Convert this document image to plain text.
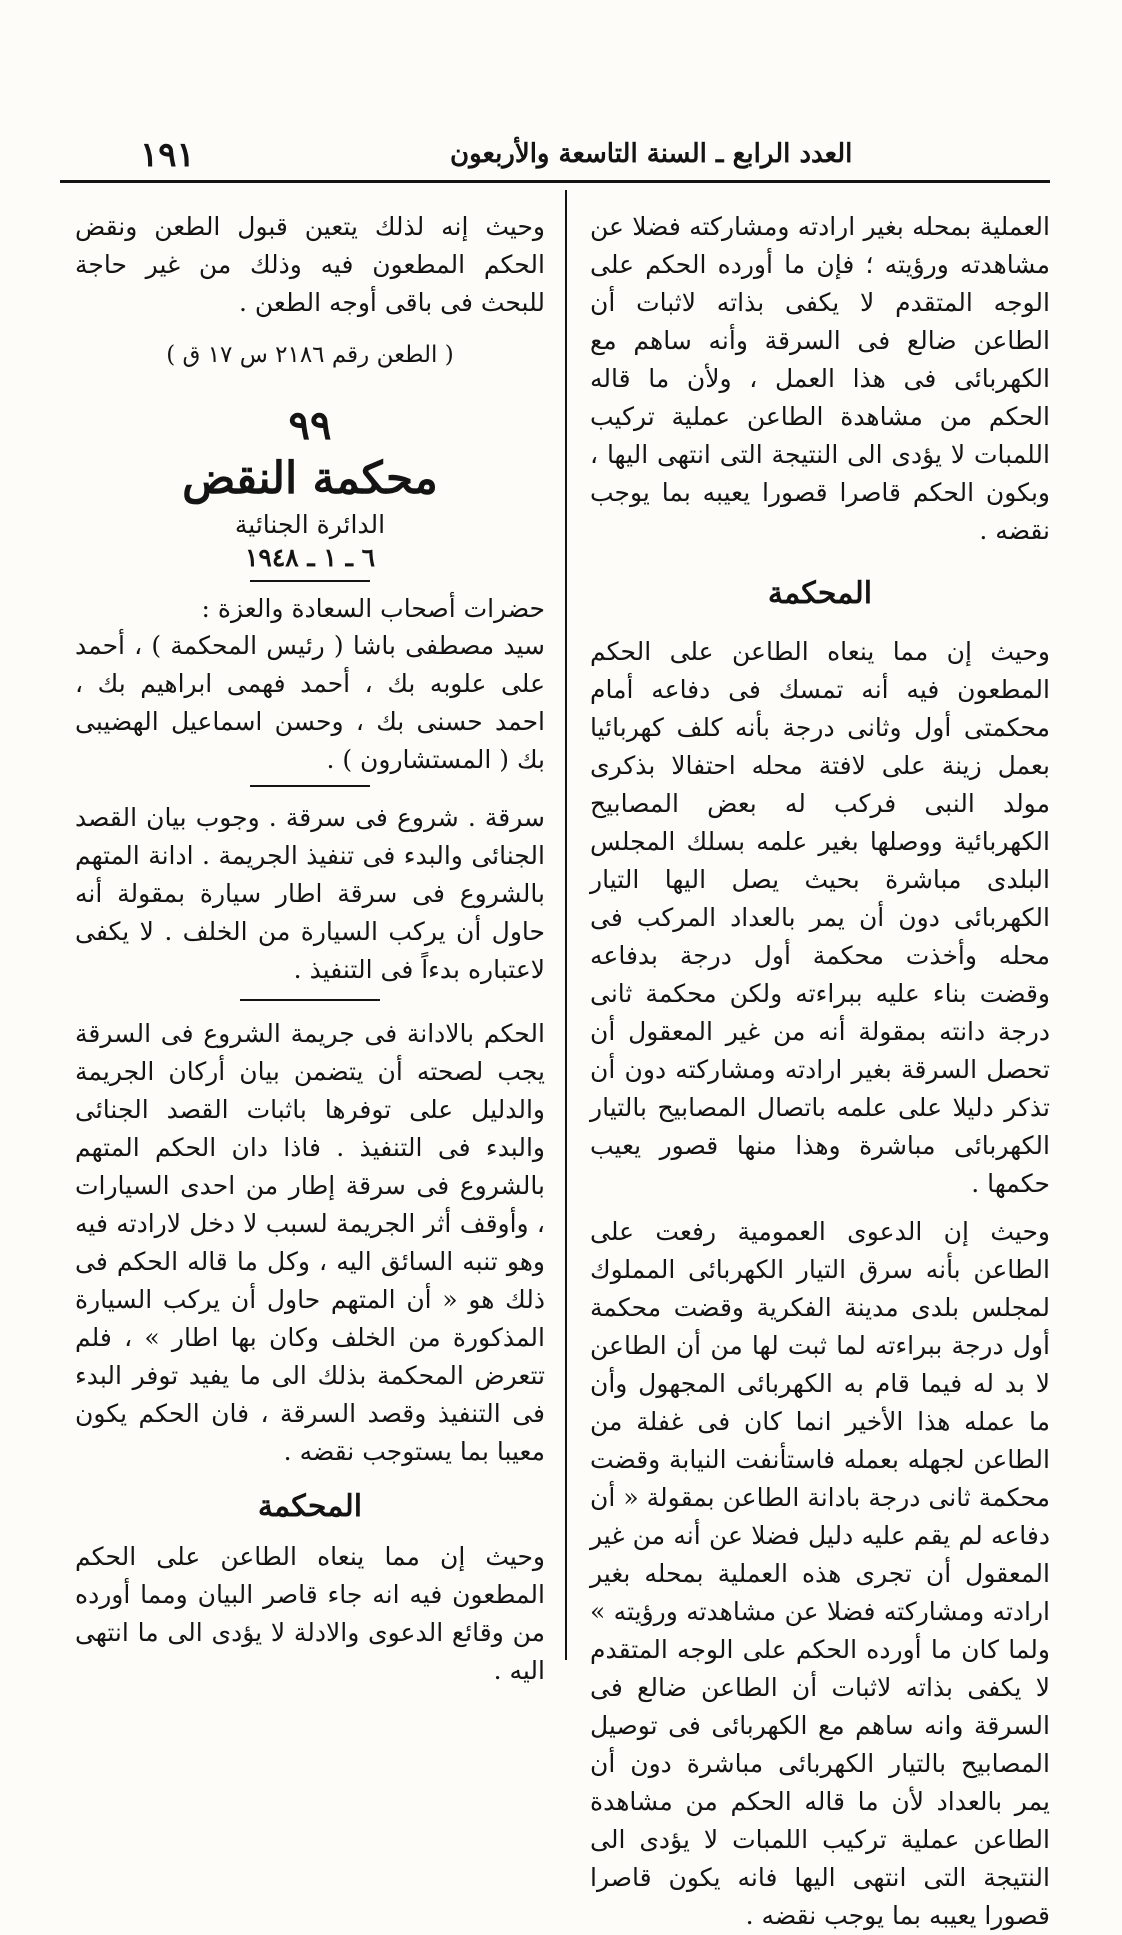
١٩١	العدد الرابع ـ السنة التاسعة والأربعون

العملية بمحله بغير ارادته ومشاركته فضلا عن مشاهدته ورؤيته ؛ فإن ما أورده الحكم على الوجه المتقدم لا يكفى بذاته لاثبات أن الطاعن ضالع فى السرقة وأنه ساهم مع الكهربائى فى هذا العمل ، ولأن ما قاله الحكم من مشاهدة الطاعن عملية تركيب اللمبات لا يؤدى الى النتيجة التى انتهى اليها ، وبكون الحكم قاصرا قصورا يعيبه بما يوجب نقضه .

المحكمة

وحيث إن مما ينعاه الطاعن على الحكم المطعون فيه أنه تمسك فى دفاعه أمام محكمتى أول وثانى درجة بأنه كلف كهربائيا بعمل زينة على لافتة محله احتفالا بذكرى مولد النبى فركب له بعض المصابيح الكهربائية ووصلها بغير علمه بسلك المجلس البلدى مباشرة بحيث يصل اليها التيار الكهربائى دون أن يمر بالعداد المركب فى محله وأخذت محكمة أول درجة بدفاعه وقضت بناء عليه ببراءته ولكن محكمة ثانى درجة دانته بمقولة أنه من غير المعقول أن تحصل السرقة بغير ارادته ومشاركته دون أن تذكر دليلا على علمه باتصال المصابيح بالتيار الكهربائى مباشرة وهذا منها قصور يعيب حكمها .

وحيث إن الدعوى العمومية رفعت على الطاعن بأنه سرق التيار الكهربائى المملوك لمجلس بلدى مدينة الفكرية وقضت محكمة أول درجة ببراءته لما ثبت لها من أن الطاعن لا بد له فيما قام به الكهربائى المجهول وأن ما عمله هذا الأخير انما كان فى غفلة من الطاعن لجهله بعمله فاستأنفت النيابة وقضت محكمة ثانى درجة بادانة الطاعن بمقولة « أن دفاعه لم يقم عليه دليل فضلا عن أنه من غير المعقول أن تجرى هذه العملية بمحله بغير ارادته ومشاركته فضلا عن مشاهدته ورؤيته » ولما كان ما أورده الحكم على الوجه المتقدم لا يكفى بذاته لاثبات أن الطاعن ضالع فى السرقة وانه ساهم مع الكهربائى فى توصيل المصابيح بالتيار الكهربائى مباشرة دون أن يمر بالعداد لأن ما قاله الحكم من مشاهدة الطاعن عملية تركيب اللمبات لا يؤدى الى النتيجة التى انتهى اليها فانه يكون قاصرا قصورا يعيبه بما يوجب نقضه .

وحيث إنه لذلك يتعين قبول الطعن ونقض الحكم المطعون فيه وذلك من غير حاجة للبحث فى باقى أوجه الطعن .

( الطعن رقم ٢١٨٦ س ١٧ ق )
٩٩
محكمة النقض
الدائرة الجنائية
٦ ـ ١ ـ ١٩٤٨
حضرات أصحاب السعادة والعزة :

سيد مصطفى باشا ( رئيس المحكمة ) ، أحمد على علوبه بك ، أحمد فهمى ابراهيم بك ، احمد حسنى بك ، وحسن اسماعيل الهضيبى بك ( المستشارون ) .

سرقة . شروع فى سرقة . وجوب بيان القصد الجنائى والبدء فى تنفيذ الجريمة . ادانة المتهم بالشروع فى سرقة اطار سيارة بمقولة أنه حاول أن يركب السيارة من الخلف . لا يكفى لاعتباره بدءاً فى التنفيذ .

الحكم بالادانة فى جريمة الشروع فى السرقة يجب لصحته أن يتضمن بيان أركان الجريمة والدليل على توفرها باثبات القصد الجنائى والبدء فى التنفيذ . فاذا دان الحكم المتهم بالشروع فى سرقة إطار من احدى السيارات ، وأوقف أثر الجريمة لسبب لا دخل لارادته فيه وهو تنبه السائق اليه ، وكل ما قاله الحكم فى ذلك هو « أن المتهم حاول أن يركب السيارة المذكورة من الخلف وكان بها اطار » ، فلم تتعرض المحكمة بذلك الى ما يفيد توفر البدء فى التنفيذ وقصد السرقة ، فان الحكم يكون معيبا بما يستوجب نقضه .

المحكمة

وحيث إن مما ينعاه الطاعن على الحكم المطعون فيه انه جاء قاصر البيان ومما أورده من وقائع الدعوى والادلة لا يؤدى الى ما انتهى اليه .
